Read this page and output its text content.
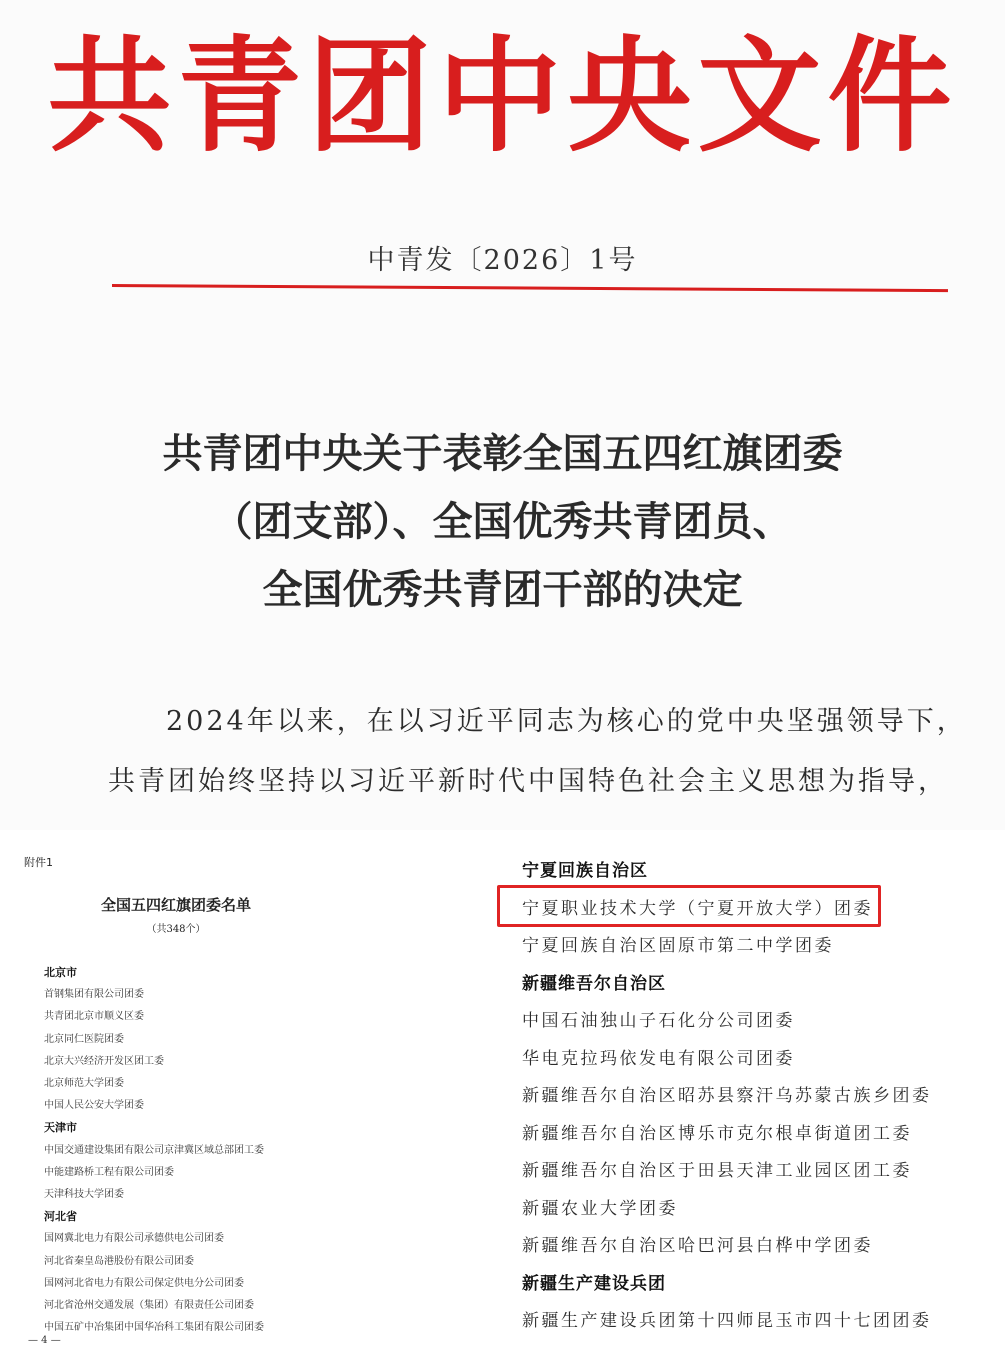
共青团中央文件
中青发〔2026〕1号
共青团中央关于表彰全国五四红旗团委
（团支部）、全国优秀共青团员、
全国优秀共青团干部的决定
2024年以来，在以习近平同志为核心的党中央坚强领导下，
共青团始终坚持以习近平新时代中国特色社会主义思想为指导，
附件1
全国五四红旗团委名单
（共348个）
北京市
首钢集团有限公司团委
共青团北京市顺义区委
北京同仁医院团委
北京大兴经济开发区团工委
北京师范大学团委
中国人民公安大学团委
天津市
中国交通建设集团有限公司京津冀区域总部团工委
中能建路桥工程有限公司团委
天津科技大学团委
河北省
国网冀北电力有限公司承德供电公司团委
河北省秦皇岛港股份有限公司团委
国网河北省电力有限公司保定供电分公司团委
河北省沧州交通发展（集团）有限责任公司团委
中国五矿中冶集团中国华冶科工集团有限公司团委
— 4 —
宁夏回族自治区
宁夏职业技术大学（宁夏开放大学）团委
宁夏回族自治区固原市第二中学团委
新疆维吾尔自治区
中国石油独山子石化分公司团委
华电克拉玛依发电有限公司团委
新疆维吾尔自治区昭苏县察汗乌苏蒙古族乡团委
新疆维吾尔自治区博乐市克尔根卓街道团工委
新疆维吾尔自治区于田县天津工业园区团工委
新疆农业大学团委
新疆维吾尔自治区哈巴河县白桦中学团委
新疆生产建设兵团
新疆生产建设兵团第十四师昆玉市四十七团团委
